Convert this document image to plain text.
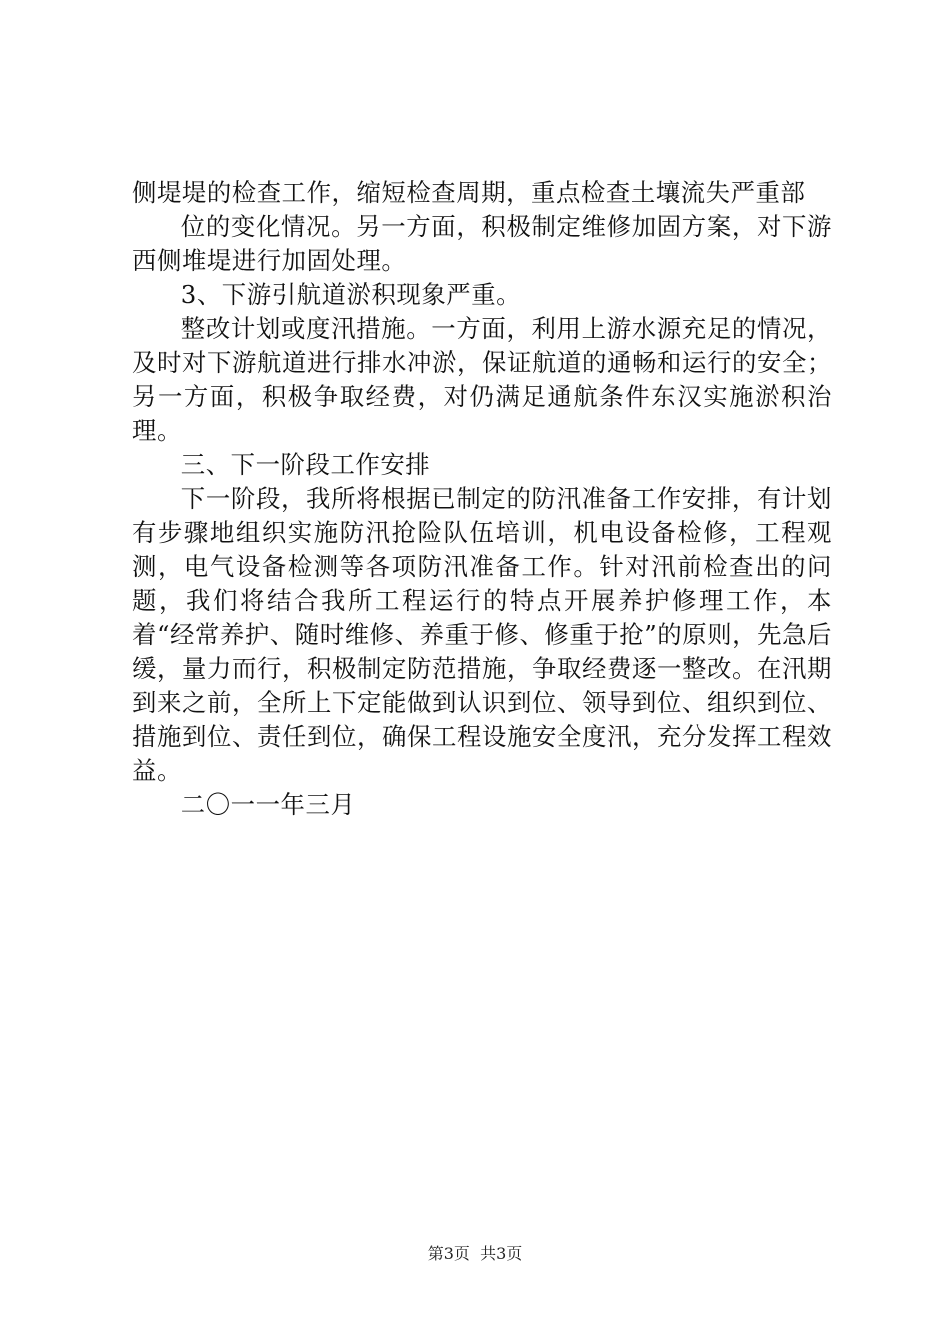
侧堤堤的检查工作，缩短检查周期，重点检查土壤流失严重部

位的变化情况。另一方面，积极制定维修加固方案，对下游西侧堆堤进行加固处理。

3、下游引航道淤积现象严重。

整改计划或度汛措施。一方面，利用上游水源充足的情况，及时对下游航道进行排水冲淤，保证航道的通畅和运行的安全；另一方面，积极争取经费，对仍满足通航条件东汉实施淤积治理。

三、下一阶段工作安排

下一阶段，我所将根据已制定的防汛准备工作安排，有计划有步骤地组织实施防汛抢险队伍培训，机电设备检修，工程观测，电气设备检测等各项防汛准备工作。针对汛前检查出的问题，我们将结合我所工程运行的特点开展养护修理工作，本着“经常养护、随时维修、养重于修、修重于抢”的原则，先急后缓，量力而行，积极制定防范措施，争取经费逐一整改。在汛期到来之前，全所上下定能做到认识到位、领导到位、组织到位、措施到位、责任到位，确保工程设施安全度汛，充分发挥工程效益。

二〇一一年三月

第3页  共3页
